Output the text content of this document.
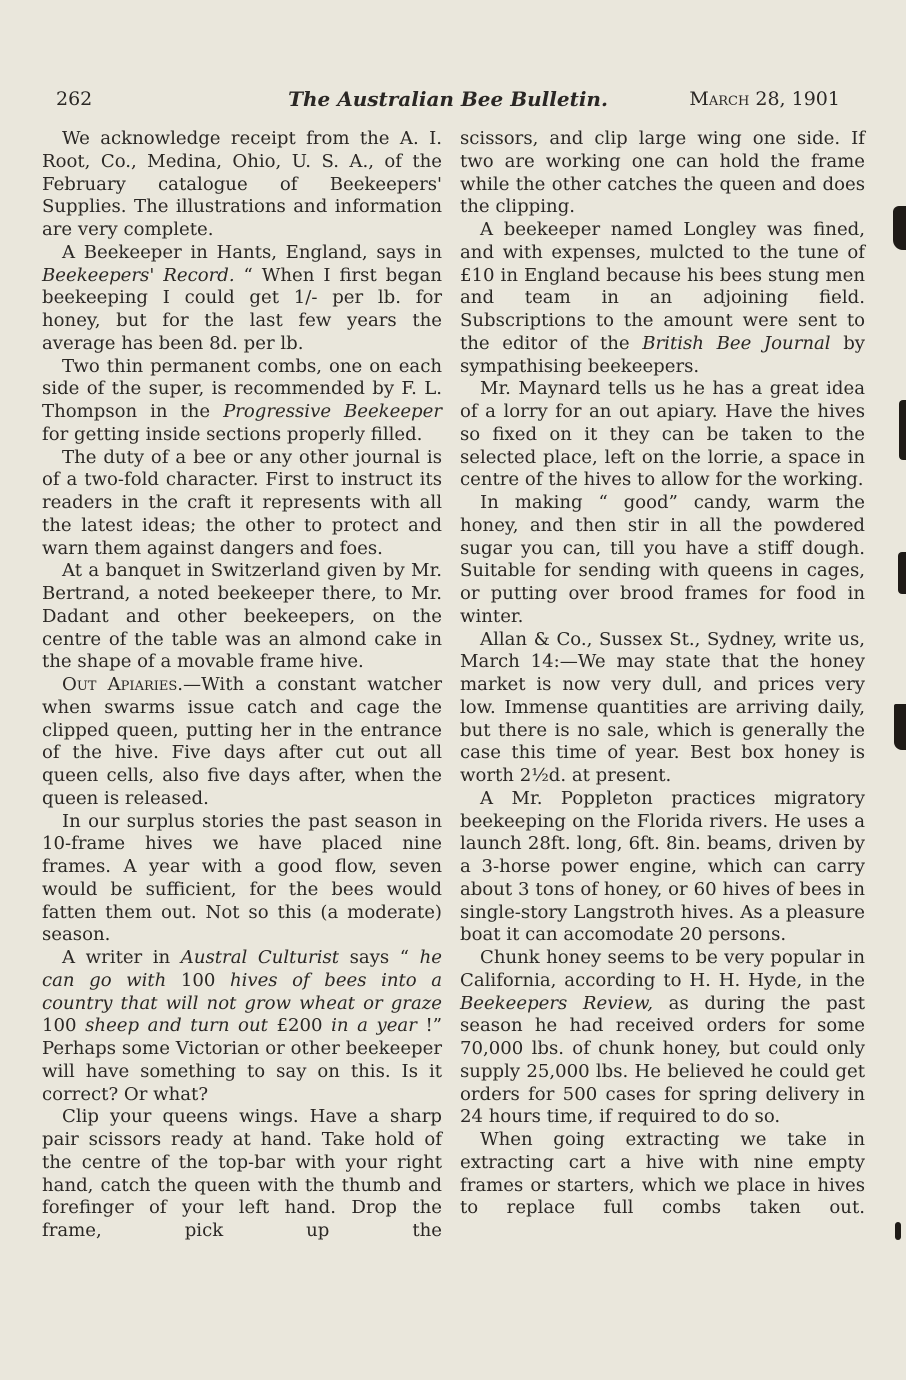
262	The Australian Bee Bulletin.	March 28, 1901

We acknowledge receipt from the A. I. Root, Co., Medina, Ohio, U. S. A., of the February catalogue of Beekeepers' Supplies. The illustrations and information are very complete.

A Beekeeper in Hants, England, says in Beekeepers' Record. “ When I first began beekeeping I could get 1/- per lb. for honey, but for the last few years the average has been 8d. per lb.

Two thin permanent combs, one on each side of the super, is recommended by F. L. Thompson in the Progressive Beekeeper for getting inside sections properly filled.

The duty of a bee or any other journal is of a two-fold character. First to instruct its readers in the craft it represents with all the latest ideas; the other to protect and warn them against dangers and foes.

At a banquet in Switzerland given by Mr. Bertrand, a noted beekeeper there, to Mr. Dadant and other beekeepers, on the centre of the table was an almond cake in the shape of a movable frame hive.

Out Apiaries.—With a constant watcher when swarms issue catch and cage the clipped queen, putting her in the entrance of the hive. Five days after cut out all queen cells, also five days after, when the queen is released.

In our surplus stories the past season in 10-frame hives we have placed nine frames. A year with a good flow, seven would be sufficient, for the bees would fatten them out. Not so this (a moderate) season.

A writer in Austral Culturist says “ he can go with 100 hives of bees into a country that will not grow wheat or graze 100 sheep and turn out £200 in a year !” Perhaps some Victorian or other beekeeper will have something to say on this. Is it correct? Or what?

Clip your queens wings. Have a sharp pair scissors ready at hand. Take hold of the centre of the top-bar with your right hand, catch the queen with the thumb and forefinger of your left hand. Drop the frame, pick up the

scissors, and clip large wing one side. If two are working one can hold the frame while the other catches the queen and does the clipping.

A beekeeper named Longley was fined, and with expenses, mulcted to the tune of £10 in England because his bees stung men and team in an adjoining field. Subscriptions to the amount were sent to the editor of the British Bee Journal by sympathising beekeepers.

Mr. Maynard tells us he has a great idea of a lorry for an out apiary. Have the hives so fixed on it they can be taken to the selected place, left on the lorrie, a space in centre of the hives to allow for the working.

In making “ good” candy, warm the honey, and then stir in all the powdered sugar you can, till you have a stiff dough. Suitable for sending with queens in cages, or putting over brood frames for food in winter.

Allan & Co., Sussex St., Sydney, write us, March 14:—We may state that the honey market is now very dull, and prices very low. Immense quantities are arriving daily, but there is no sale, which is generally the case this time of year. Best box honey is worth 2½d. at present.

A Mr. Poppleton practices migratory beekeeping on the Florida rivers. He uses a launch 28ft. long, 6ft. 8in. beams, driven by a 3-horse power engine, which can carry about 3 tons of honey, or 60 hives of bees in single-story Langstroth hives. As a pleasure boat it can accomodate 20 persons.

Chunk honey seems to be very popular in California, according to H. H. Hyde, in the Beekeepers Review, as during the past season he had received orders for some 70,000 lbs. of chunk honey, but could only supply 25,000 lbs. He believed he could get orders for 500 cases for spring delivery in 24 hours time, if required to do so.

When going extracting we take in extracting cart a hive with nine empty frames or starters, which we place in hives to replace full combs taken out.
